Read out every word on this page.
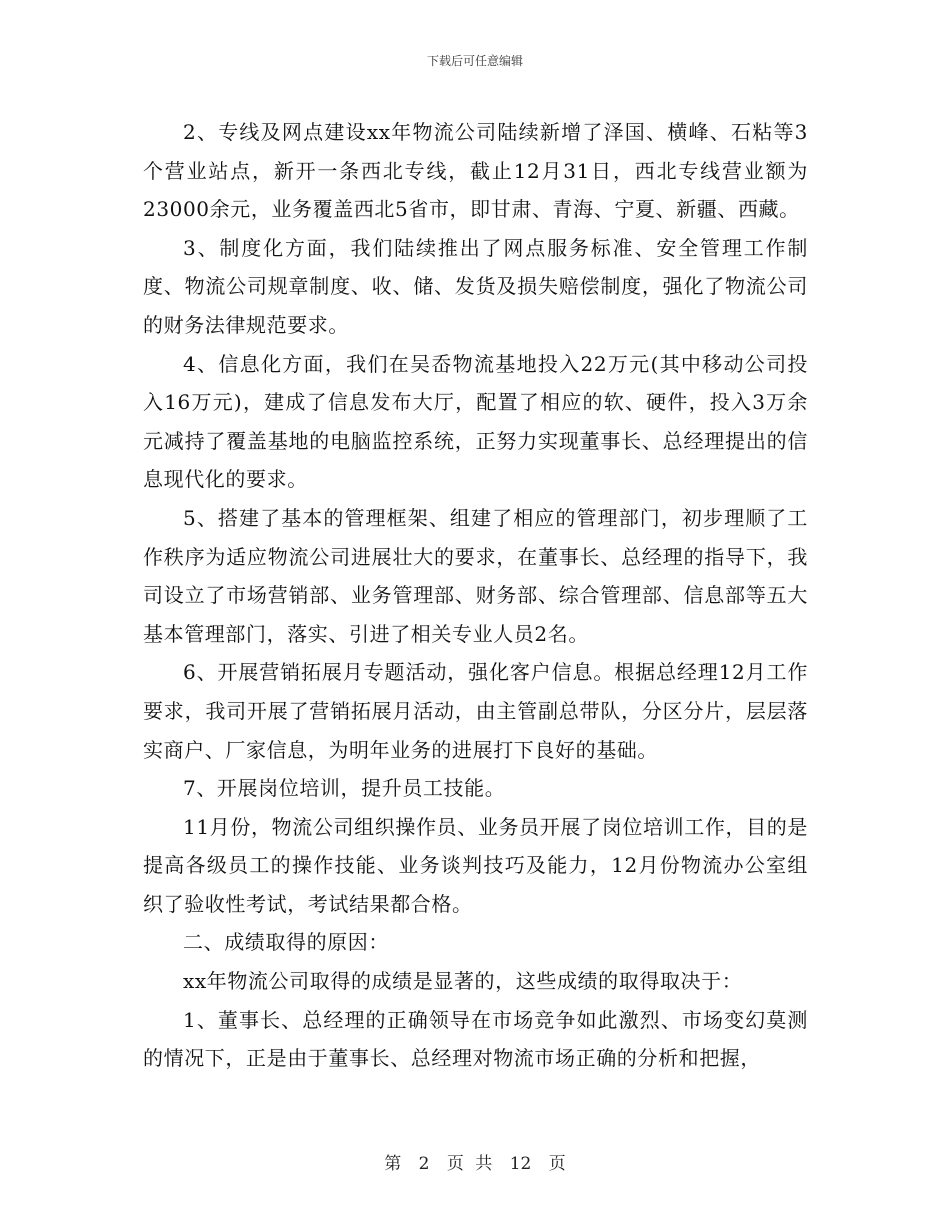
下载后可任意编辑

2、专线及网点建设xx年物流公司陆续新增了泽国、横峰、石粘等3个营业站点，新开一条西北专线，截止12月31日，西北专线营业额为23000余元，业务覆盖西北5省市，即甘肃、青海、宁夏、新疆、西藏。

3、制度化方面，我们陆续推出了网点服务标准、安全管理工作制度、物流公司规章制度、收、储、发货及损失赔偿制度，强化了物流公司的财务法律规范要求。

4、信息化方面，我们在吴岙物流基地投入22万元(其中移动公司投入16万元)，建成了信息发布大厅，配置了相应的软、硬件，投入3万余元减持了覆盖基地的电脑监控系统，正努力实现董事长、总经理提出的信息现代化的要求。

5、搭建了基本的管理框架、组建了相应的管理部门，初步理顺了工作秩序为适应物流公司进展壮大的要求，在董事长、总经理的指导下，我司设立了市场营销部、业务管理部、财务部、综合管理部、信息部等五大基本管理部门，落实、引进了相关专业人员2名。

6、开展营销拓展月专题活动，强化客户信息。根据总经理12月工作要求，我司开展了营销拓展月活动，由主管副总带队，分区分片，层层落实商户、厂家信息，为明年业务的进展打下良好的基础。

7、开展岗位培训，提升员工技能。

11月份，物流公司组织操作员、业务员开展了岗位培训工作，目的是提高各级员工的操作技能、业务谈判技巧及能力，12月份物流办公室组织了验收性考试，考试结果都合格。

二、成绩取得的原因：

xx年物流公司取得的成绩是显著的，这些成绩的取得取决于：

1、董事长、总经理的正确领导在市场竞争如此激烈、市场变幻莫测的情况下，正是由于董事长、总经理对物流市场正确的分析和把握，

第 2 页 共 12 页
